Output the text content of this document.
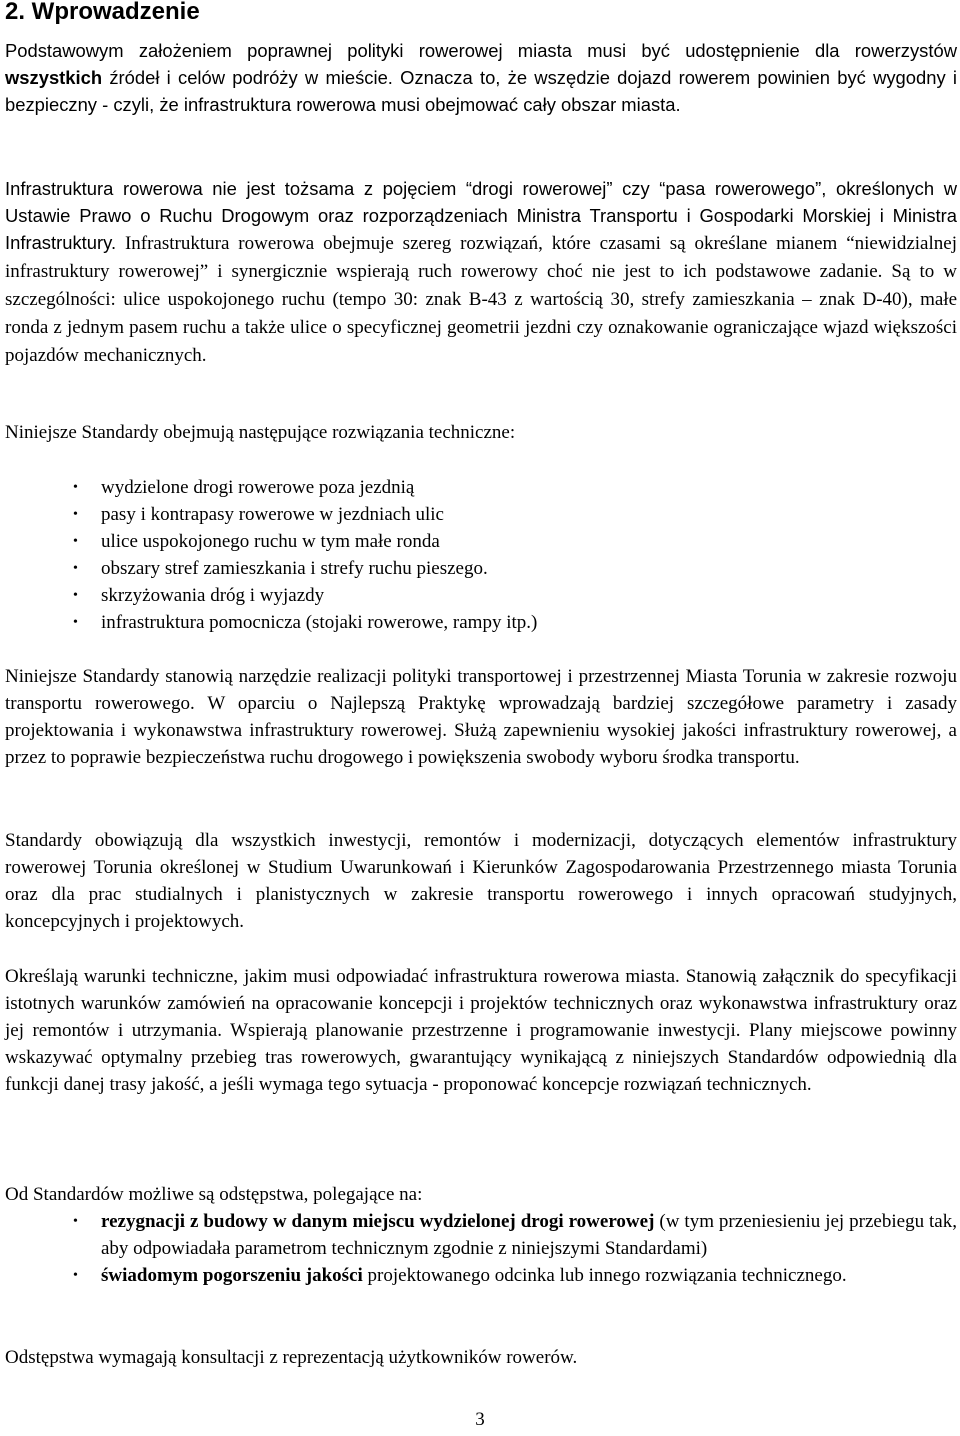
2. Wprowadzenie

Podstawowym założeniem poprawnej polityki rowerowej miasta musi być udostępnienie dla rowerzystów wszystkich źródeł i celów podróży w mieście. Oznacza to, że wszędzie dojazd rowerem powinien być wygodny i bezpieczny - czyli, że infrastruktura rowerowa musi obejmować cały obszar miasta.

Infrastruktura rowerowa nie jest tożsama z pojęciem “drogi rowerowej” czy “pasa rowerowego”, określonych w Ustawie Prawo o Ruchu Drogowym oraz rozporządzeniach Ministra Transportu i Gospodarki Morskiej i Ministra Infrastruktury. Infrastruktura rowerowa obejmuje szereg rozwiązań, które czasami są określane mianem “niewidzialnej infrastruktury rowerowej” i synergicznie wspierają ruch rowerowy choć nie jest to ich podstawowe zadanie. Są to w szczególności: ulice uspokojonego ruchu (tempo 30: znak B-43 z wartością 30, strefy zamieszkania – znak D-40), małe ronda z jednym pasem ruchu a także ulice o specyficznej geometrii jezdni czy oznakowanie ograniczające wjazd większości pojazdów mechanicznych.

Niniejsze Standardy obejmują następujące rozwiązania techniczne:

• wydzielone drogi rowerowe poza jezdnią
• pasy i kontrapasy rowerowe w jezdniach ulic
• ulice uspokojonego ruchu w tym małe ronda
• obszary stref zamieszkania i strefy ruchu pieszego.
• skrzyżowania dróg i wyjazdy
• infrastruktura pomocnicza (stojaki rowerowe, rampy itp.)

Niniejsze Standardy stanowią narzędzie realizacji polityki transportowej i przestrzennej Miasta Torunia w zakresie rozwoju transportu rowerowego. W oparciu o Najlepszą Praktykę wprowadzają bardziej szczegółowe parametry i zasady projektowania i wykonawstwa infrastruktury rowerowej. Służą zapewnieniu wysokiej jakości infrastruktury rowerowej, a przez to poprawie bezpieczeństwa ruchu drogowego i powiększenia swobody wyboru środka transportu.

Standardy obowiązują dla wszystkich inwestycji, remontów i modernizacji, dotyczących elementów infrastruktury rowerowej Torunia określonej w Studium Uwarunkowań i Kierunków Zagospodarowania Przestrzennego miasta Torunia oraz dla prac studialnych i planistycznych w zakresie transportu rowerowego i innych opracowań studyjnych, koncepcyjnych i projektowych.

Określają warunki techniczne, jakim musi odpowiadać infrastruktura rowerowa miasta. Stanowią załącznik do specyfikacji istotnych warunków zamówień na opracowanie koncepcji i projektów technicznych oraz wykonawstwa infrastruktury oraz jej remontów i utrzymania. Wspierają planowanie przestrzenne i programowanie inwestycji. Plany miejscowe powinny wskazywać optymalny przebieg tras rowerowych, gwarantujący wynikającą z niniejszych Standardów odpowiednią dla funkcji danej trasy jakość, a jeśli wymaga tego sytuacja - proponować koncepcje rozwiązań technicznych.

Od Standardów możliwe są odstępstwa, polegające na:

• rezygnacji z budowy w danym miejscu wydzielonej drogi rowerowej (w tym przeniesieniu jej przebiegu tak, aby odpowiadała parametrom technicznym zgodnie z niniejszymi Standardami)
• świadomym pogorszeniu jakości projektowanego odcinka lub innego rozwiązania technicznego.

Odstępstwa wymagają konsultacji z reprezentacją użytkowników rowerów.

3
